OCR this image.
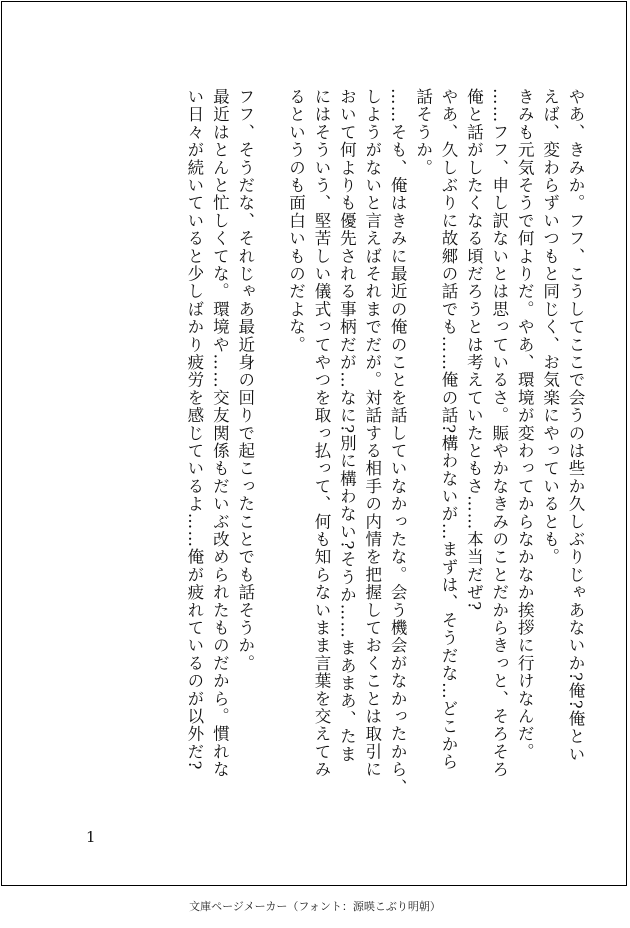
やあ、きみか。フフ、こうしてここで会うのは些か久しぶりじゃあないか?俺?俺とい

えば、変わらずいつもと同じく、お気楽にやっているとも。

きみも元気そうで何よりだ。やあ、環境が変わってからなかなか挨拶に行けなんだ。

……フフ、申し訳ないとは思っているさ。賑やかなきみのことだからきっと、そろそろ

俺と話がしたくなる頃だろうとは考えていたともさ……本当だぜ?

やあ、久しぶりに故郷の話でも……俺の話?構わないが…まずは、そうだな…どこから

話そうか。

……そも、俺はきみに最近の俺のことを話していなかったな。会う機会がなかったから、

しようがないと言えばそれまでだが。対話する相手の内情を把握しておくことは取引に

おいて何よりも優先される事柄だが…なに?別に構わない?そうか……まあまあ、たま

にはそういう、堅苦しい儀式ってやつを取っ払って、何も知らないまま言葉を交えてみ

るというのも面白いものだよな。

フフ、そうだな、それじゃあ最近身の回りで起こったことでも話そうか。

最近はとんと忙しくてな。環境や……交友関係もだいぶ改められたものだから。慣れな

い日々が続いていると少しばかり疲労を感じているよ……俺が疲れているのが以外だ?

1
文庫ページメーカー（フォント：源暎こぶり明朝）
